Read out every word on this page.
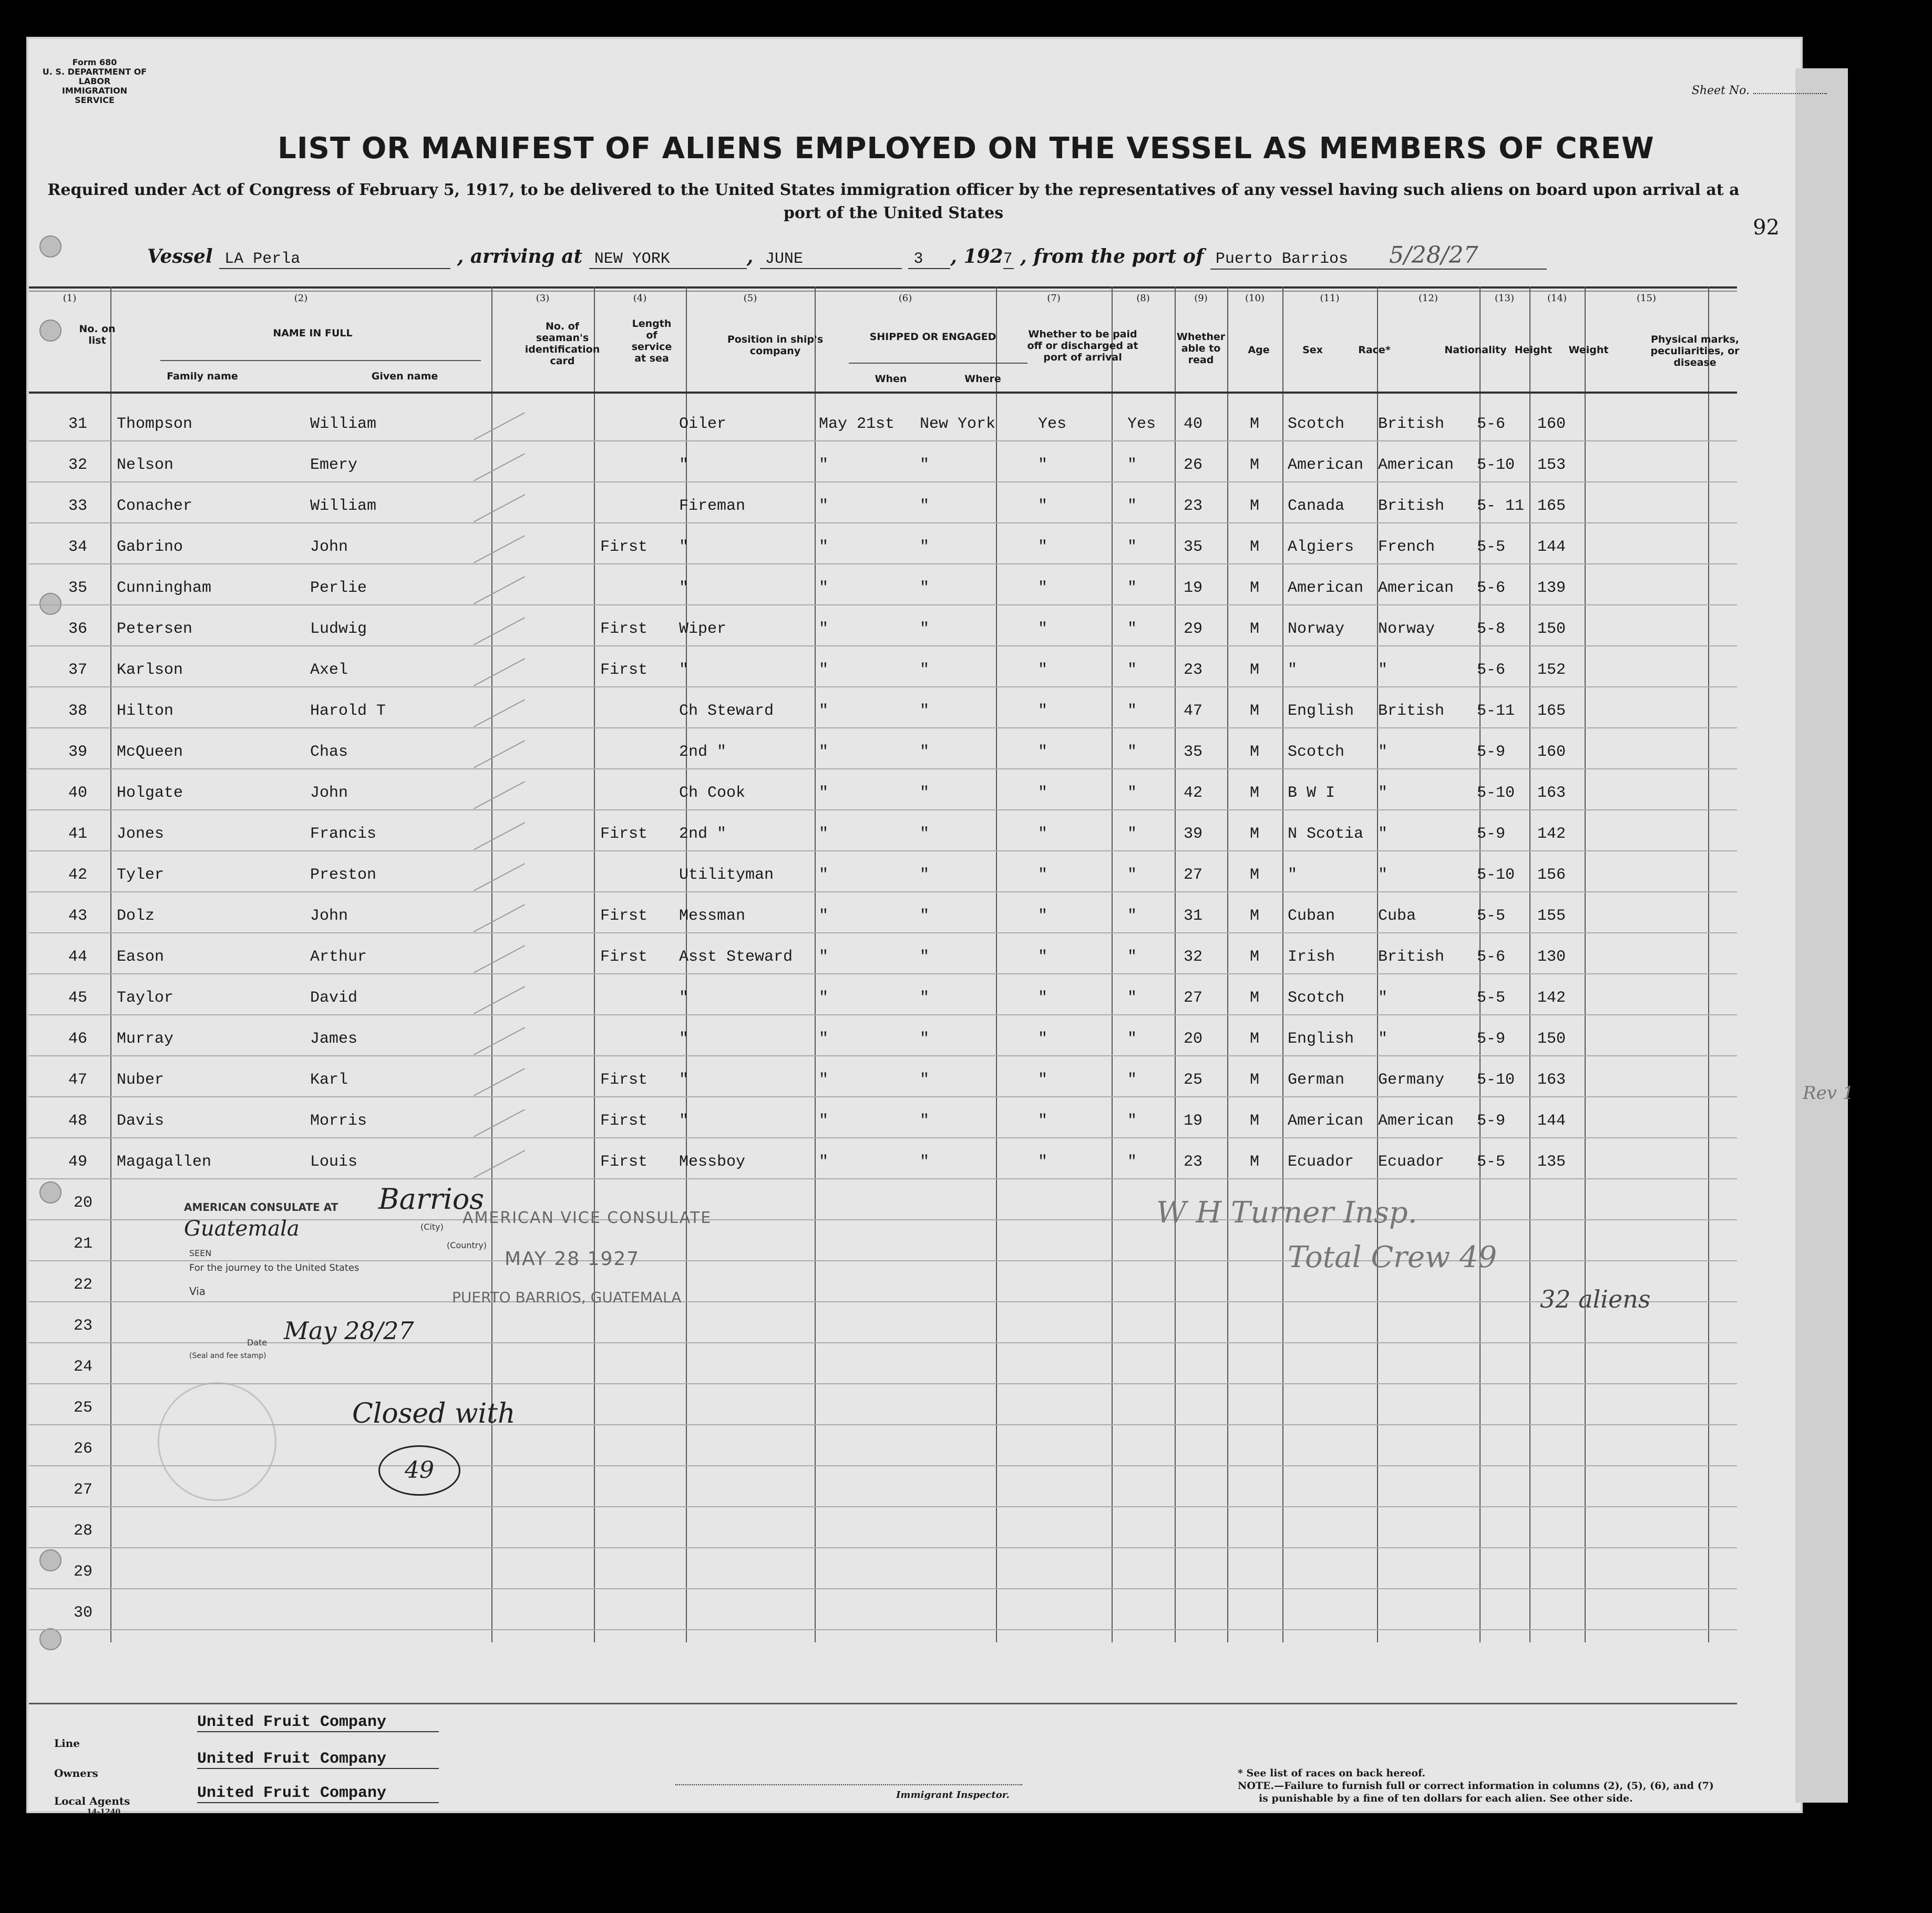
Form 680
U. S. DEPARTMENT OF LABOR
IMMIGRATION SERVICE
Sheet No.
LIST OR MANIFEST OF ALIENS EMPLOYED ON THE VESSEL AS MEMBERS OF CREW
Required under Act of Congress of February 5, 1917, to be delivered to the United States immigration officer by the representatives of any vessel having such aliens on board upon arrival at a
port of the United States
92
Vessel LA Perla	, arriving at NEW YORK	, JUNE	3 , 1927 , from the port of Puerto Barrios 5/28/27
(1)	(2)	(3)	(4)	(5)	(6)	(7)	(8)	(9)	(10)	(11)	(12)	(13)	(14)	(15)
No. on list
NAME IN FULL
Family name	Given name
No. of seaman's identification card
Length of service at sea
Position in ship's company
SHIPPED OR ENGAGED
When	Where
Whether to be paid off or discharged at port of arrival
Whether able to read
Age	Sex	Race*	Nationality Height	Weight
Physical marks, peculiarities, or disease
31 Thompson	William	Oiler	May 21st New York	Yes	Yes 40	M Scotch British 5-6 160
32 Nelson	Emery	"	"	"	"	"	26	M American American 5-10 153
33 Conacher	William	Fireman	"	"	"	"	23	M Canada British 5- 11 165
34 Gabrino	John	First "	"	"	"	"	35	M Algiers French	5-5 144
35 Cunningham	Perlie	"	"	"	"	"	19	M American American 5-6 139
36 Petersen	Ludwig	First Wiper	"	"	"	"	29	M Norway Norway	5-8 150
37 Karlson	Axel	First "	"	"	"	"	23	M "	"	5-6 152
38 Hilton	Harold T	Ch Steward	"	"	"	"	47	M English British 5-11 165
39 McQueen	Chas	2nd "	"	"	"	"	35	M Scotch "	5-9 160
40 Holgate	John	Ch Cook	"	"	"	"	42	M B W I	"	5-10 163
41 Jones	Francis	First 2nd "	"	"	"	"	39	M N Scotia "	5-9 142
42 Tyler	Preston	Utilityman	"	"	"	"	27	M "	"	5-10 156
43 Dolz	John	First Messman	"	"	"	"	31	M Cuban	Cuba	5-5 155
44 Eason	Arthur	First Asst Steward "	"	"	"	32	M Irish	British 5-6 130
45 Taylor	David	"	"	"	"	"	27	M Scotch "	5-5 142
46 Murray	James	"	"	"	"	"	20	M English "	5-9 150
47 Nuber	Karl	First "	"	"	"	"	25	M German Germany 5-10 163
48 Davis	Morris	First "	"	"	"	"	19	M American American 5-9 144
49 Magagallen	Louis	First Messboy	"	"	"	"	23	M Ecuador Ecuador 5-5 135
20
21
22
23
24
25
26
27
28
29
30
AMERICAN CONSULATE AT Barrios
Guatemala	(City)
(Country)
AMERICAN VICE CONSULATE
SEEN
For the journey to the United States	MAY 28 1927
Via	PUERTO BARRIOS, GUATEMALA
Date May 28/27
(Seal and fee stamp)
Closed with
49
W H Turner Insp.
Total Crew 49
32 aliens
Rev 1
United Fruit Company
Line
United Fruit Company
Owners
United Fruit Company
Local Agents
14-1240
Immigrant Inspector.
* See list of races on back hereof.
NOTE.—Failure to furnish full or correct information in columns (2), (5), (6), and (7)
is punishable by a fine of ten dollars for each alien. See other side.
